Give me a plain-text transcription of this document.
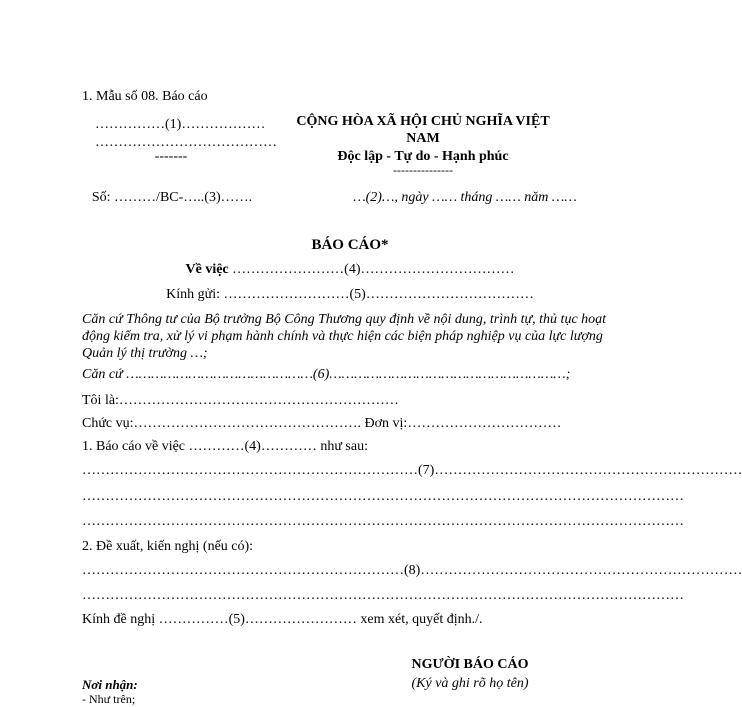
1. Mẫu số 08. Báo cáo
……………(1)………………
…………………………………
-------
Số: ………/BC-…..(3)…….
CỘNG HÒA XÃ HỘI CHỦ NGHĨA VIỆT
NAM
Độc lập - Tự do - Hạnh phúc
---------------
…(2)…, ngày …… tháng …… năm ……
BÁO CÁO*
Về việc ……………………(4)……………………………
Kính gửi: ………………………(5)………………………………
Căn cứ Thông tư của Bộ trưởng Bộ Công Thương quy định về nội dung, trình tự, thủ tục hoạt động kiểm tra, xử lý vi phạm hành chính và thực hiện các biện pháp nghiệp vụ của lực lượng Quản lý thị trường …;
Căn cứ ………………………………………(6)…………………………………………………;
Tôi là:……………………………………………………
Chức vụ:…………………………………………. Đơn vị:……………………………
1. Báo cáo về việc …………(4)………… như sau:
………………………………………………………………(7)…………………………………………………………
…………………………………………………………………………………………………………………
…………………………………………………………………………………………………………………
2. Đề xuất, kiến nghị (nếu có):
……………………………………………………………(8)……………………………………………………………
…………………………………………………………………………………………………………………
Kính đề nghị ……………(5)…………………… xem xét, quyết định./.
Nơi nhận:
- Như trên;
NGƯỜI BÁO CÁO
(Ký và ghi rõ họ tên)
